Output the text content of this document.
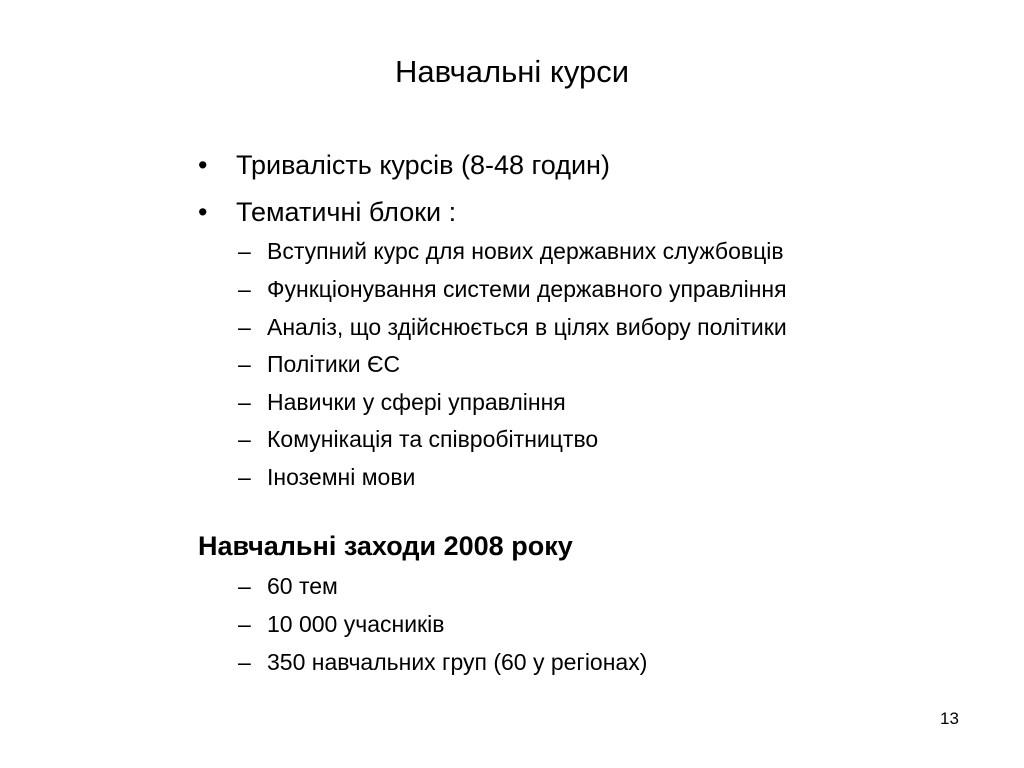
Навчальні курси
• Тривалість курсів (8-48 годин)
• Тематичні блоки :
– Вступний курс для нових державних службовців
– Функціонування системи державного управління
– Аналіз, що здійснюється в цілях вибору політики
– Політики ЄС
– Навички у сфері управління
– Комунікація та співробітництво
– Іноземні мови
Навчальні заходи 2008 року
– 60 тем
– 10 000 учасників
– 350 навчальних груп (60 у регіонах)
13
